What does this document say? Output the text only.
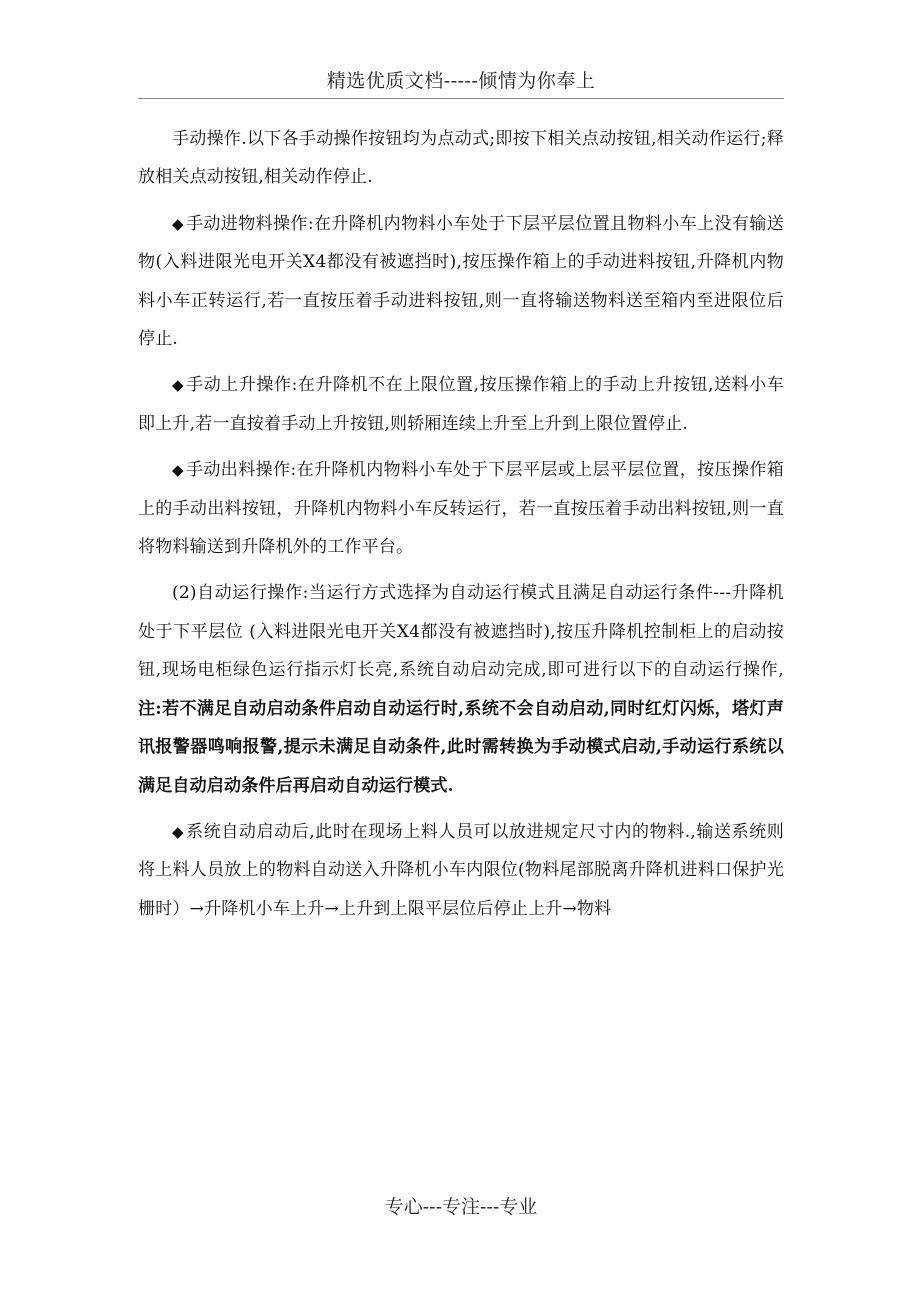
精选优质文档-----倾情为你奉上

手动操作.以下各手动操作按钮均为点动式;即按下相关点动按钮,相关动作运行;释放相关点动按钮,相关动作停止.

◆ 手动进物料操作:在升降机内物料小车处于下层平层位置且物料小车上没有输送物(入料进限光电开关X4都没有被遮挡时),按压操作箱上的手动进料按钮,升降机内物料小车正转运行,若一直按压着手动进料按钮,则一直将输送物料送至箱内至进限位后停止.

◆ 手动上升操作:在升降机不在上限位置,按压操作箱上的手动上升按钮,送料小车即上升,若一直按着手动上升按钮,则轿厢连续上升至上升到上限位置停止.

◆ 手动出料操作:在升降机内物料小车处于下层平层或上层平层位置，按压操作箱上的手动出料按钮，升降机内物料小车反转运行，若一直按压着手动出料按钮,则一直将物料输送到升降机外的工作平台。

(2)自动运行操作:当运行方式选择为自动运行模式且满足自动运行条件---升降机处于下平层位 (入料进限光电开关X4都没有被遮挡时),按压升降机控制柜上的启动按钮,现场电柜绿色运行指示灯长亮,系统自动启动完成,即可进行以下的自动运行操作,注:若不满足自动启动条件启动自动运行时,系统不会自动启动,同时红灯闪烁，塔灯声讯报警器鸣响报警,提示未满足自动条件,此时需转换为手动模式启动,手动运行系统以满足自动启动条件后再启动自动运行模式.

◆ 系统自动启动后,此时在现场上料人员可以放进规定尺寸内的物料.,输送系统则将上料人员放上的物料自动送入升降机小车内限位(物料尾部脱离升降机进料口保护光栅时）→升降机小车上升→上升到上限平层位后停止上升→物料

专心---专注---专业
